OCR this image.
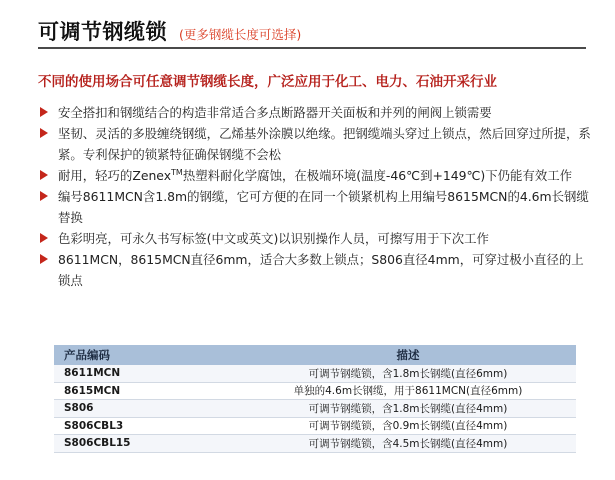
可调节钢缆锁 (更多钢缆长度可选择)
不同的使用场合可任意调节钢缆长度，广泛应用于化工、电力、石油开采行业
安全搭扣和钢缆结合的构造非常适合多点断路器开关面板和并列的闸阀上锁需要
坚韧、灵活的多股缠绕钢缆，乙烯基外涂膜以绝缘。把钢缆端头穿过上锁点，然后回穿过所提，系紧。专利保护的锁紧特征确保钢缆不会松
耐用，轻巧的Zenex™热塑料耐化学腐蚀，在极端环境(温度-46℃到+149℃)下仍能有效工作
编号8611MCN含1.8m的钢缆，它可方便的在同一个锁紧机构上用编号8615MCN的4.6m长钢缆替换
色彩明亮，可永久书写标签(中文或英文)以识别操作人员，可擦写用于下次工作
8611MCN，8615MCN直径6mm，适合大多数上锁点；S806直径4mm，可穿过极小直径的上锁点
产品编码	描述
8611MCN	可调节钢缆锁，含1.8m长钢缆(直径6mm)
8615MCN	单独的4.6m长钢缆，用于8611MCN(直径6mm)
S806	可调节钢缆锁，含1.8m长钢缆(直径4mm)
S806CBL3	可调节钢缆锁，含0.9m长钢缆(直径4mm)
S806CBL15	可调节钢缆锁，含4.5m长钢缆(直径4mm)
